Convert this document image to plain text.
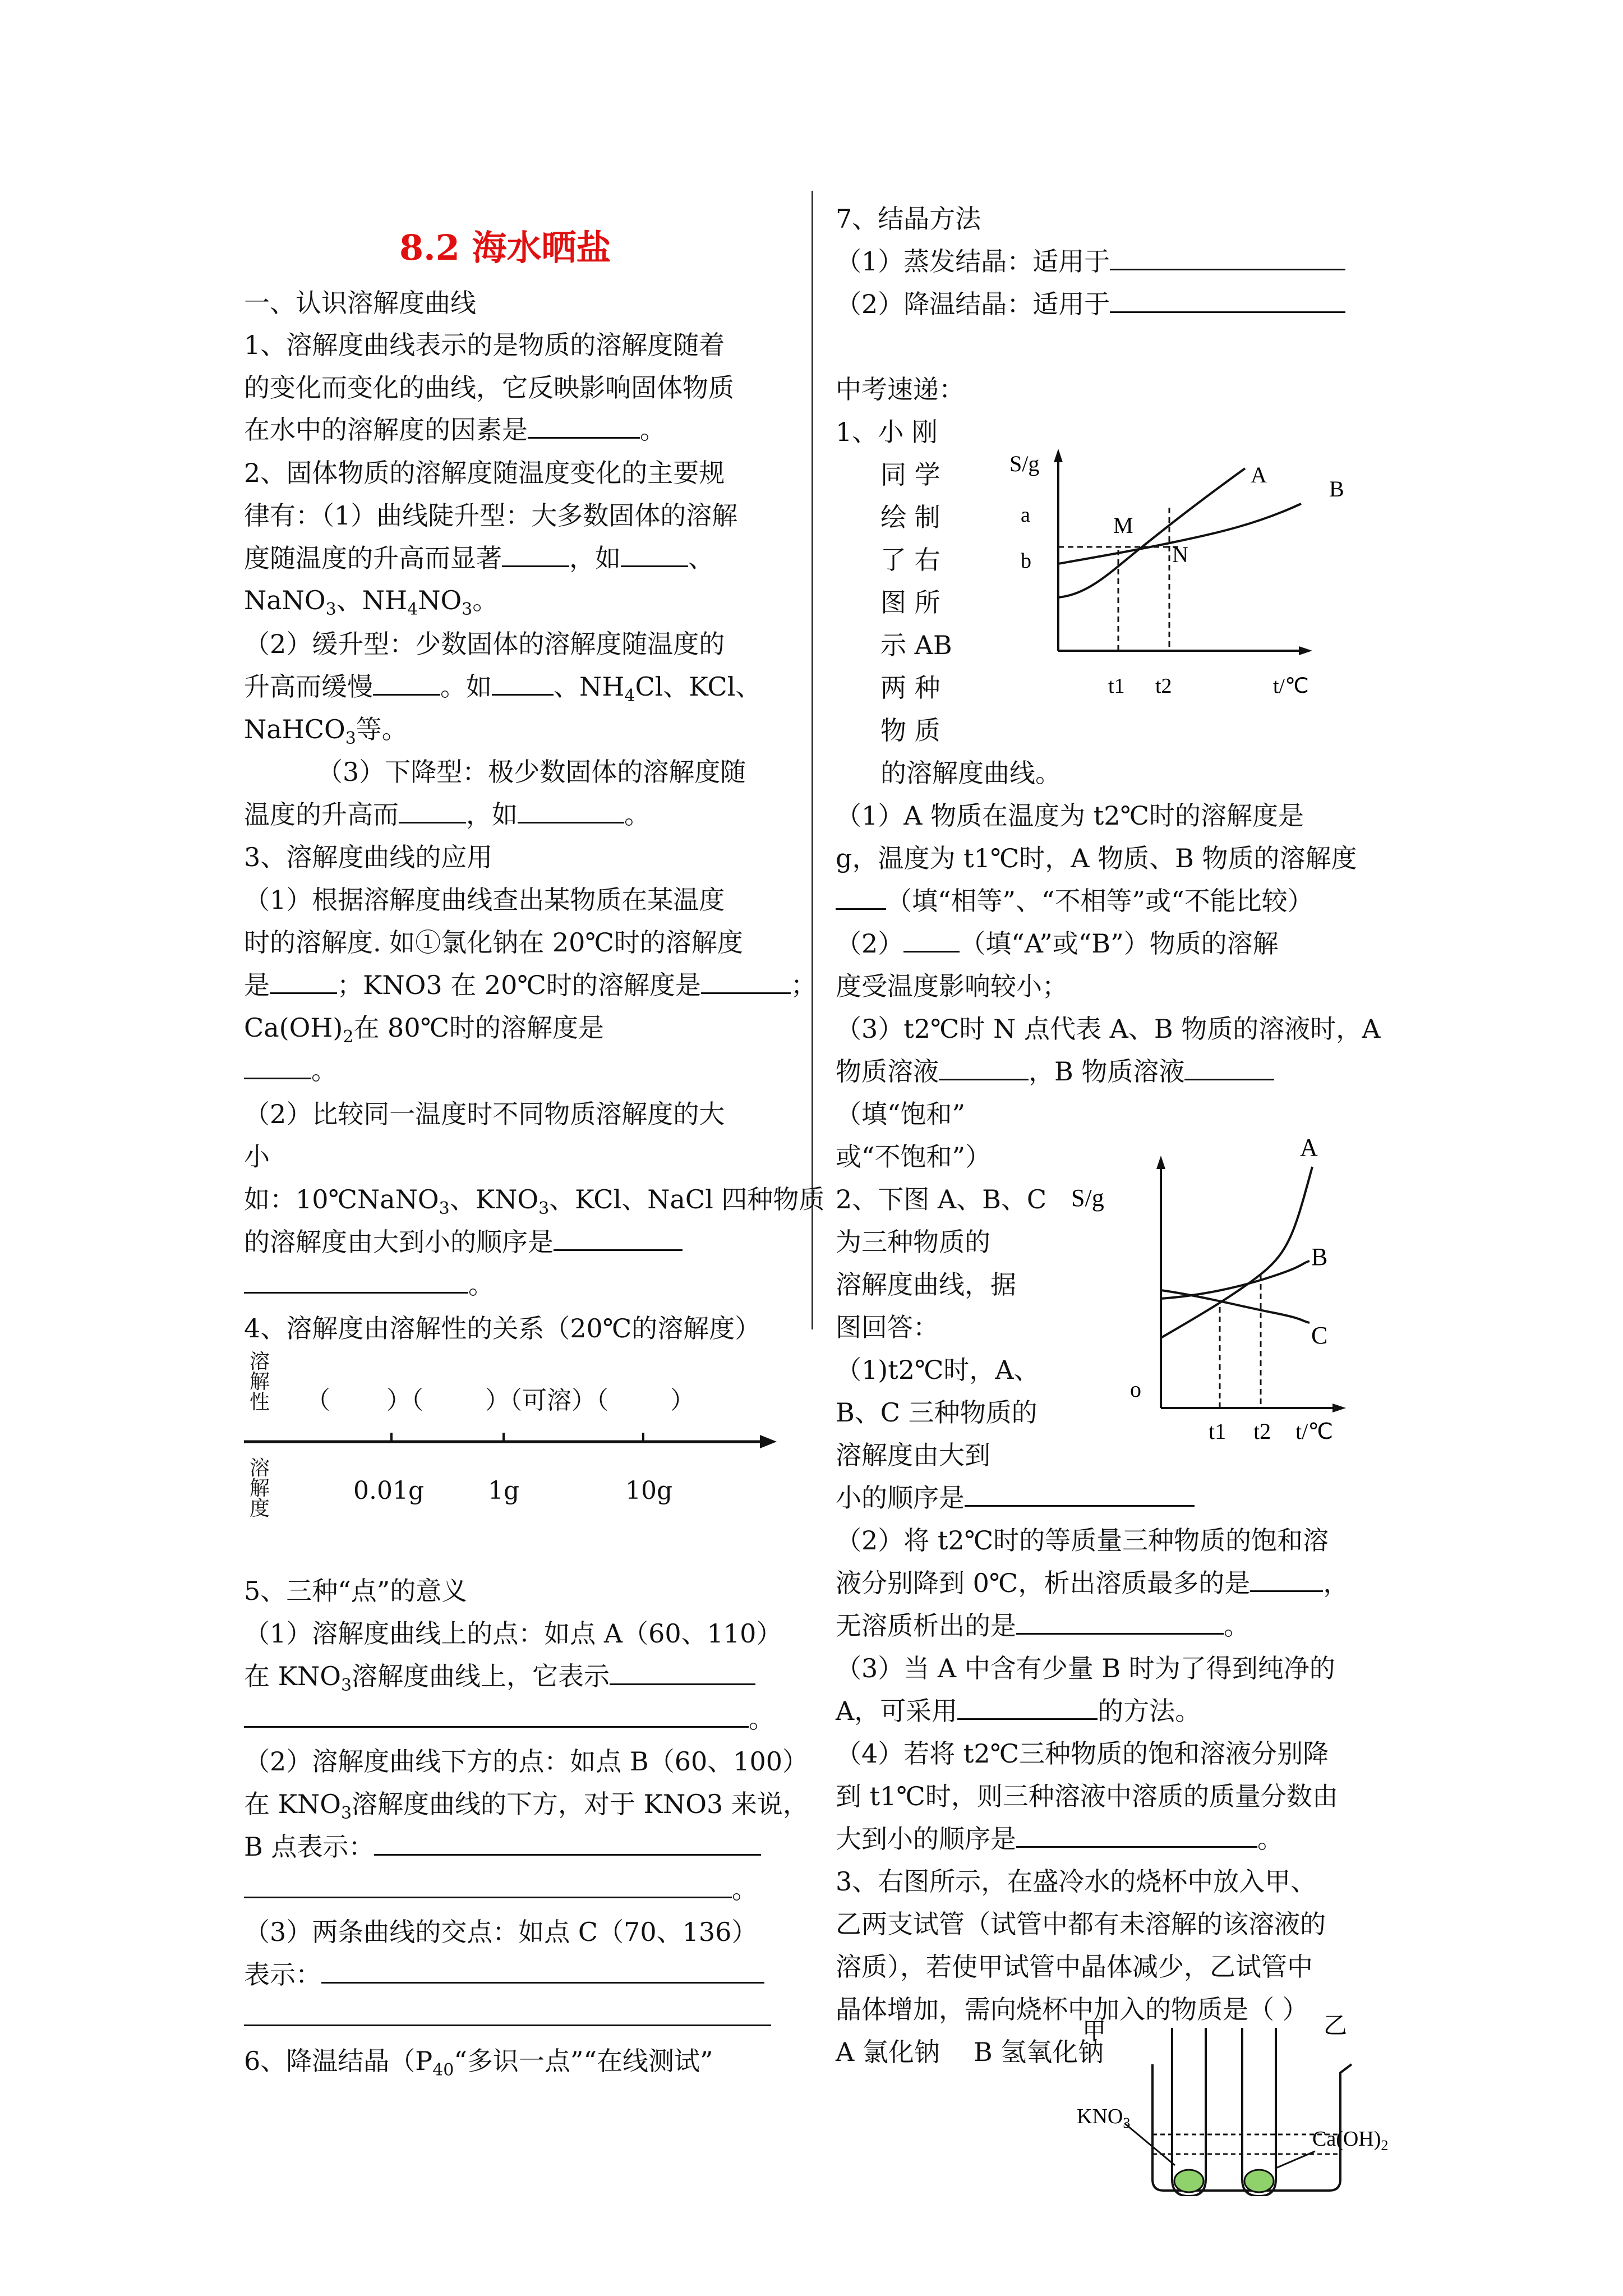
8.2 海水晒盐
一、认识溶解度曲线
1、溶解度曲线表示的是物质的溶解度随着
的变化而变化的曲线，它反映影响固体物质
在水中的溶解度的因素是	。
2、固体物质的溶解度随温度变化的主要规
律有：（1）曲线陡升型：大多数固体的溶解
度随温度的升高而显著	，如	、
NaNO$_3$、$NH_4NO_3$。
（2）缓升型：少数固体的溶解度随温度的
升高而缓慢	。如 、$NH_4Cl$、KCl、
NaHCO$_3$等。
（3）下降型：极少数固体的溶解度随
温度的升高而	，如	。
3、溶解度曲线的应用
（1）根据溶解度曲线查出某物质在某温度
时的溶解度. 如①氯化钠在 20℃时的溶解度
是	；KNO3 在 20℃时的溶解度是	；
$Ca(OH)_2$在 80℃时的溶解度是
。
（2）比较同一温度时不同物质溶解度的大
小
如：10℃NaNO$_3$、$KNO_3$、KCl、NaCl 四种物质
的溶解度由大到小的顺序是
。
4、溶解度由溶解性的关系（20℃的溶解度）
溶
解
性 （ ）（	）（可溶）（	）
溶
解
度
0.01g	1g	10g
5、三种“点”的意义
（1）溶解度曲线上的点：如点 A（60、110）
在 $KNO_3$溶解度曲线上，它表示
。
（2）溶解度曲线下方的点：如点 B（60、100）
在 $KNO_3$溶解度曲线的下方，对于 KNO3 来说，
B 点表示：
。
（3）两条曲线的交点：如点 C（70、136）
表示：
6、降温结晶（$P_{40}“$多识一点”“在线测试”
7、结晶方法
（1）蒸发结晶：适用于
（2）降温结晶：适用于
中考速递：
1、小 刚
同 学
绘 制
了 右
图 所
示 AB
两 种
物 质
的溶解度曲线。
S/g
t/℃
a
b
M
N
A
B
t1 t2
（1）A 物质在温度为 t2℃时的溶解度是
g，温度为 t1℃时，A 物质、B 物质的溶解度
（填“相等”、“不相等”或“不能比较）
（2） （填“A”或“B”）物质的溶解
度受温度影响较小；
（3）t2℃时 N 点代表 A、B 物质的溶液时，A
物质溶液	，B 物质溶液
（填“饱和”
或“不饱和”）
2、下图 A、B、C
为三种物质的
溶解度曲线，据
图回答：
（1)t2℃时，A、
B、C 三种物质的
溶解度由大到
小的顺序是
S/g
o
t/℃
t1 t2
A
B
C
（2）将 t2℃时的等质量三种物质的饱和溶
液分别降到 0℃，析出溶质最多的是	，
无溶质析出的是	。
（3）当 A 中含有少量 B 时为了得到纯净的
A，可采用	的方法。
（4）若将 t2℃三种物质的饱和溶液分别降
到 t1℃时，则三种溶液中溶质的质量分数由
大到小的顺序是	。
3、右图所示，在盛冷水的烧杯中放入甲、
乙两支试管（试管中都有未溶解的该溶液的
溶质），若使甲试管中晶体减少，乙试管中
晶体增加，需向烧杯中加入的物质是（ ）
A 氯化钠 B 氢氧化钠
甲	乙
$KNO_3$
$Ca(OH)_2$
